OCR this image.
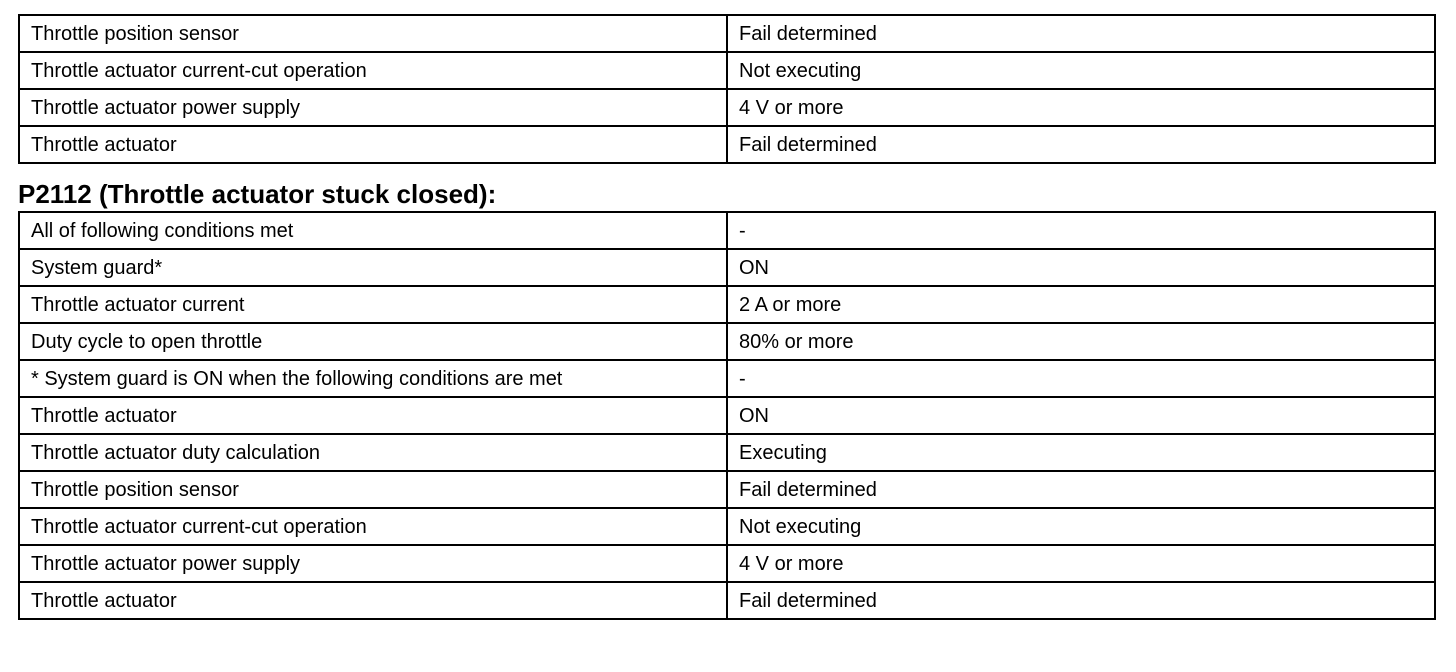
Throttle position sensor	Fail determined
Throttle actuator current-cut operation	Not executing
Throttle actuator power supply	4 V or more
Throttle actuator	Fail determined
P2112 (Throttle actuator stuck closed):
All of following conditions met	-
System guard*	ON
Throttle actuator current	2 A or more
Duty cycle to open throttle	80% or more
* System guard is ON when the following conditions are met	-
Throttle actuator	ON
Throttle actuator duty calculation	Executing
Throttle position sensor	Fail determined
Throttle actuator current-cut operation	Not executing
Throttle actuator power supply	4 V or more
Throttle actuator	Fail determined
